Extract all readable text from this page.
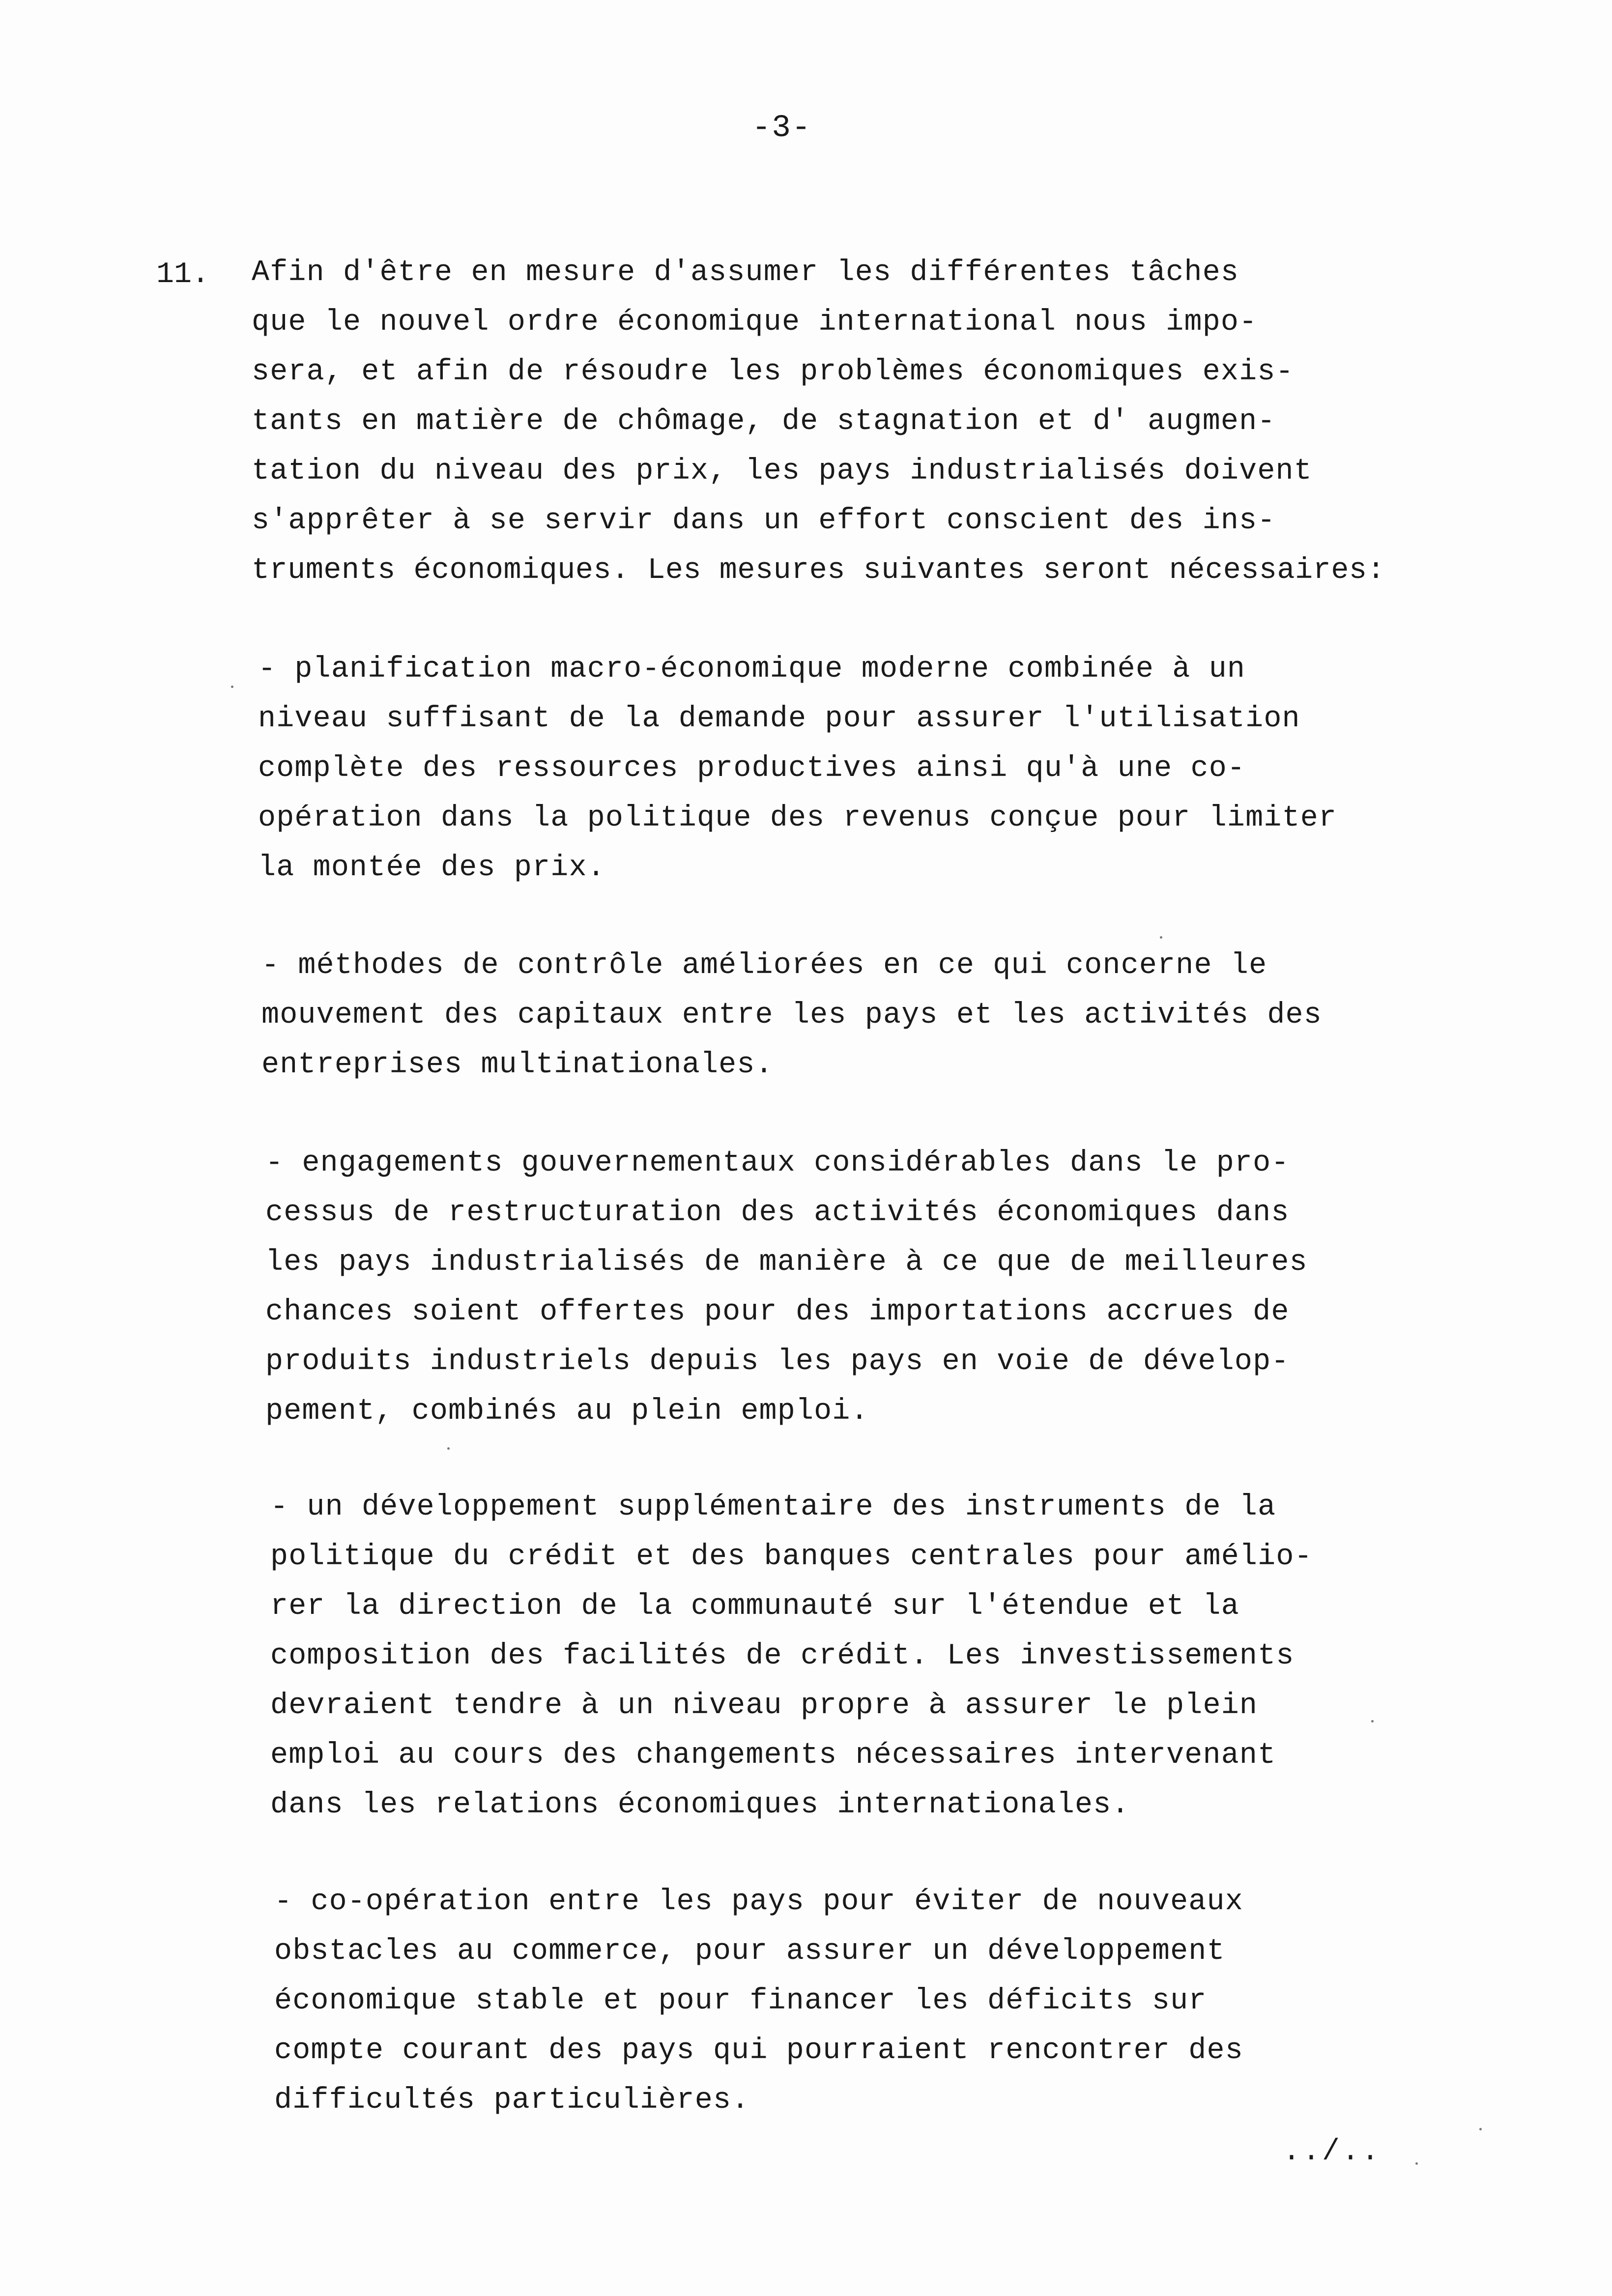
-3-
11. Afin d'être en mesure d'assumer les différentes tâches
que le nouvel ordre économique international nous impo-
sera, et afin de résoudre les problèmes économiques exis-
tants en matière de chômage, de stagnation et d' augmen-
tation du niveau des prix, les pays industrialisés doivent
s'apprêter à se servir dans un effort conscient des ins-
truments économiques. Les mesures suivantes seront nécessaires:
- planification macro-économique moderne combinée à un
niveau suffisant de la demande pour assurer l'utilisation
complète des ressources productives ainsi qu'à une co-
opération dans la politique des revenus conçue pour limiter
la montée des prix.
- méthodes de contrôle améliorées en ce qui concerne le
mouvement des capitaux entre les pays et les activités des
entreprises multinationales.
- engagements gouvernementaux considérables dans le pro-
cessus de restructuration des activités économiques dans
les pays industrialisés de manière à ce que de meilleures
chances soient offertes pour des importations accrues de
produits industriels depuis les pays en voie de dévelop-
pement, combinés au plein emploi.
- un développement supplémentaire des instruments de la
politique du crédit et des banques centrales pour amélio-
rer la direction de la communauté sur l'étendue et la
composition des facilités de crédit. Les investissements
devraient tendre à un niveau propre à assurer le plein
emploi au cours des changements nécessaires intervenant
dans les relations économiques internationales.
- co-opération entre les pays pour éviter de nouveaux
obstacles au commerce, pour assurer un développement
économique stable et pour financer les déficits sur
compte courant des pays qui pourraient rencontrer des
difficultés particulières.
../..
